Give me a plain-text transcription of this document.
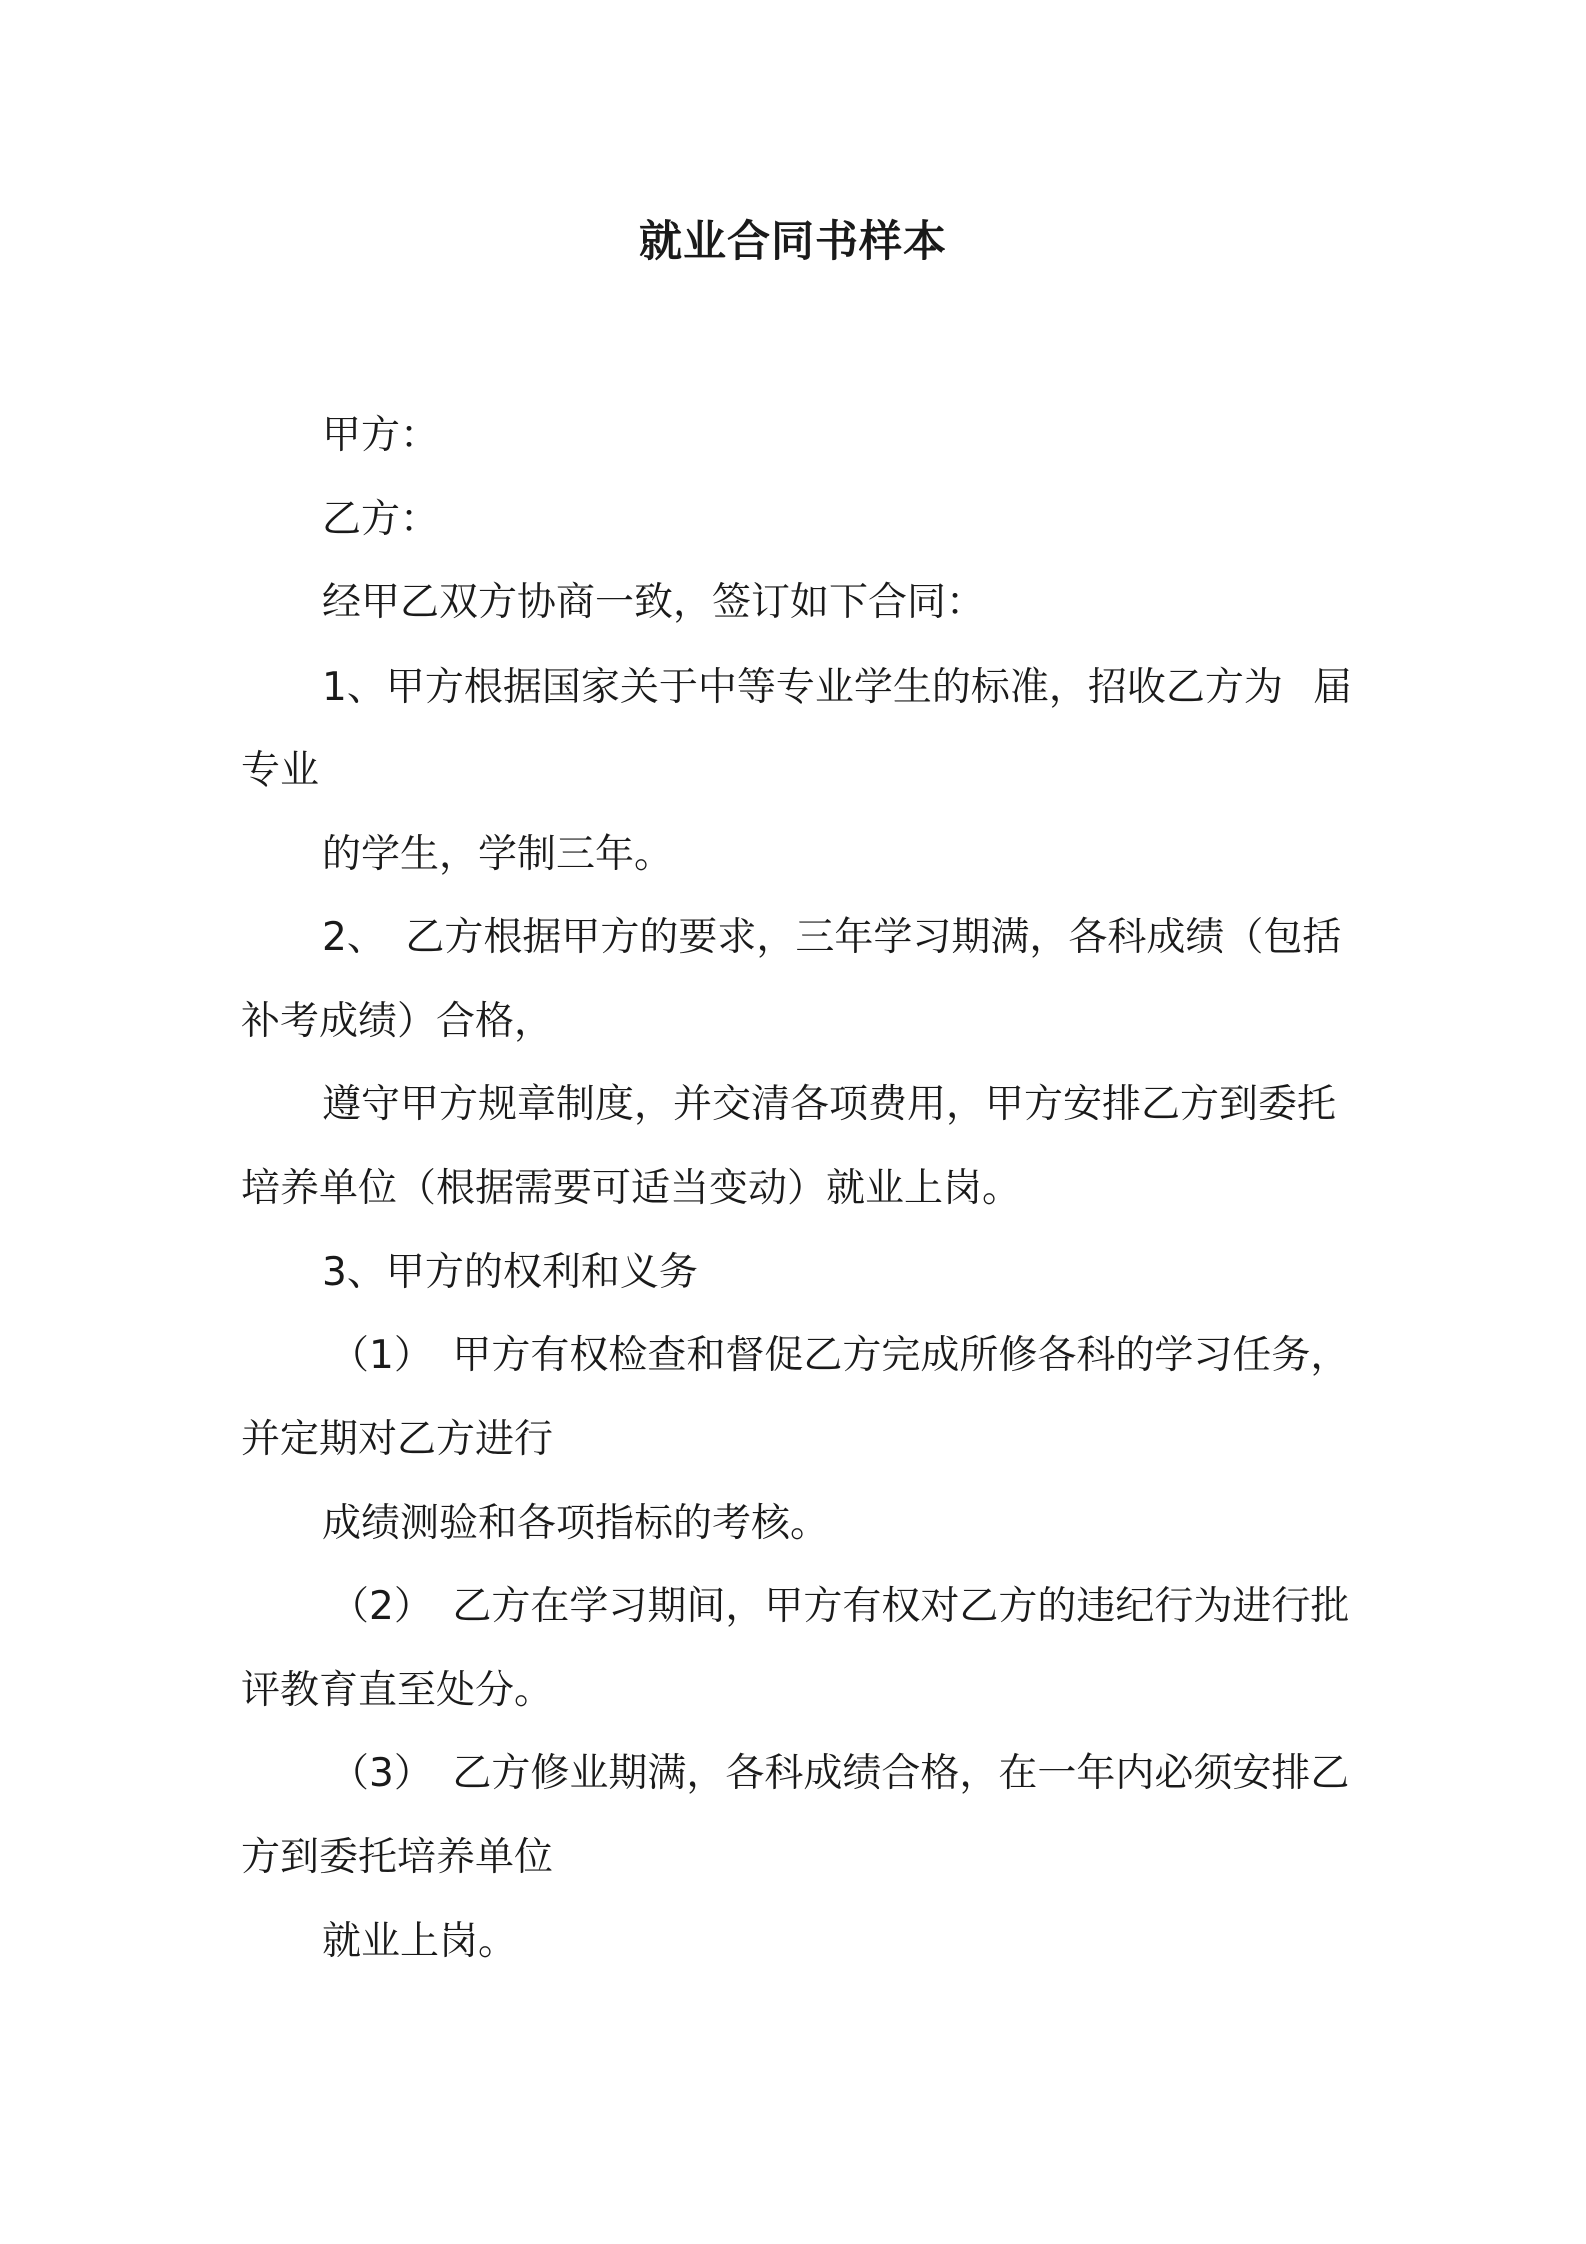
就业合同书样本
甲方：
乙方：
经甲乙双方协商一致，签订如下合同：
1、甲方根据国家关于中等专业学生的标准，招收乙方为 届
专业
的学生，学制三年。
2、　乙方根据甲方的要求，三年学习期满，各科成绩（包括
补考成绩）合格，
遵守甲方规章制度，并交清各项费用，甲方安排乙方到委托
培养单位（根据需要可适当变动）就业上岗。
3、甲方的权利和义务
（1）　甲方有权检查和督促乙方完成所修各科的学习任务，
并定期对乙方进行
成绩测验和各项指标的考核。
（2）　乙方在学习期间，甲方有权对乙方的违纪行为进行批
评教育直至处分。
（3）　乙方修业期满，各科成绩合格，在一年内必须安排乙
方到委托培养单位
就业上岗。
